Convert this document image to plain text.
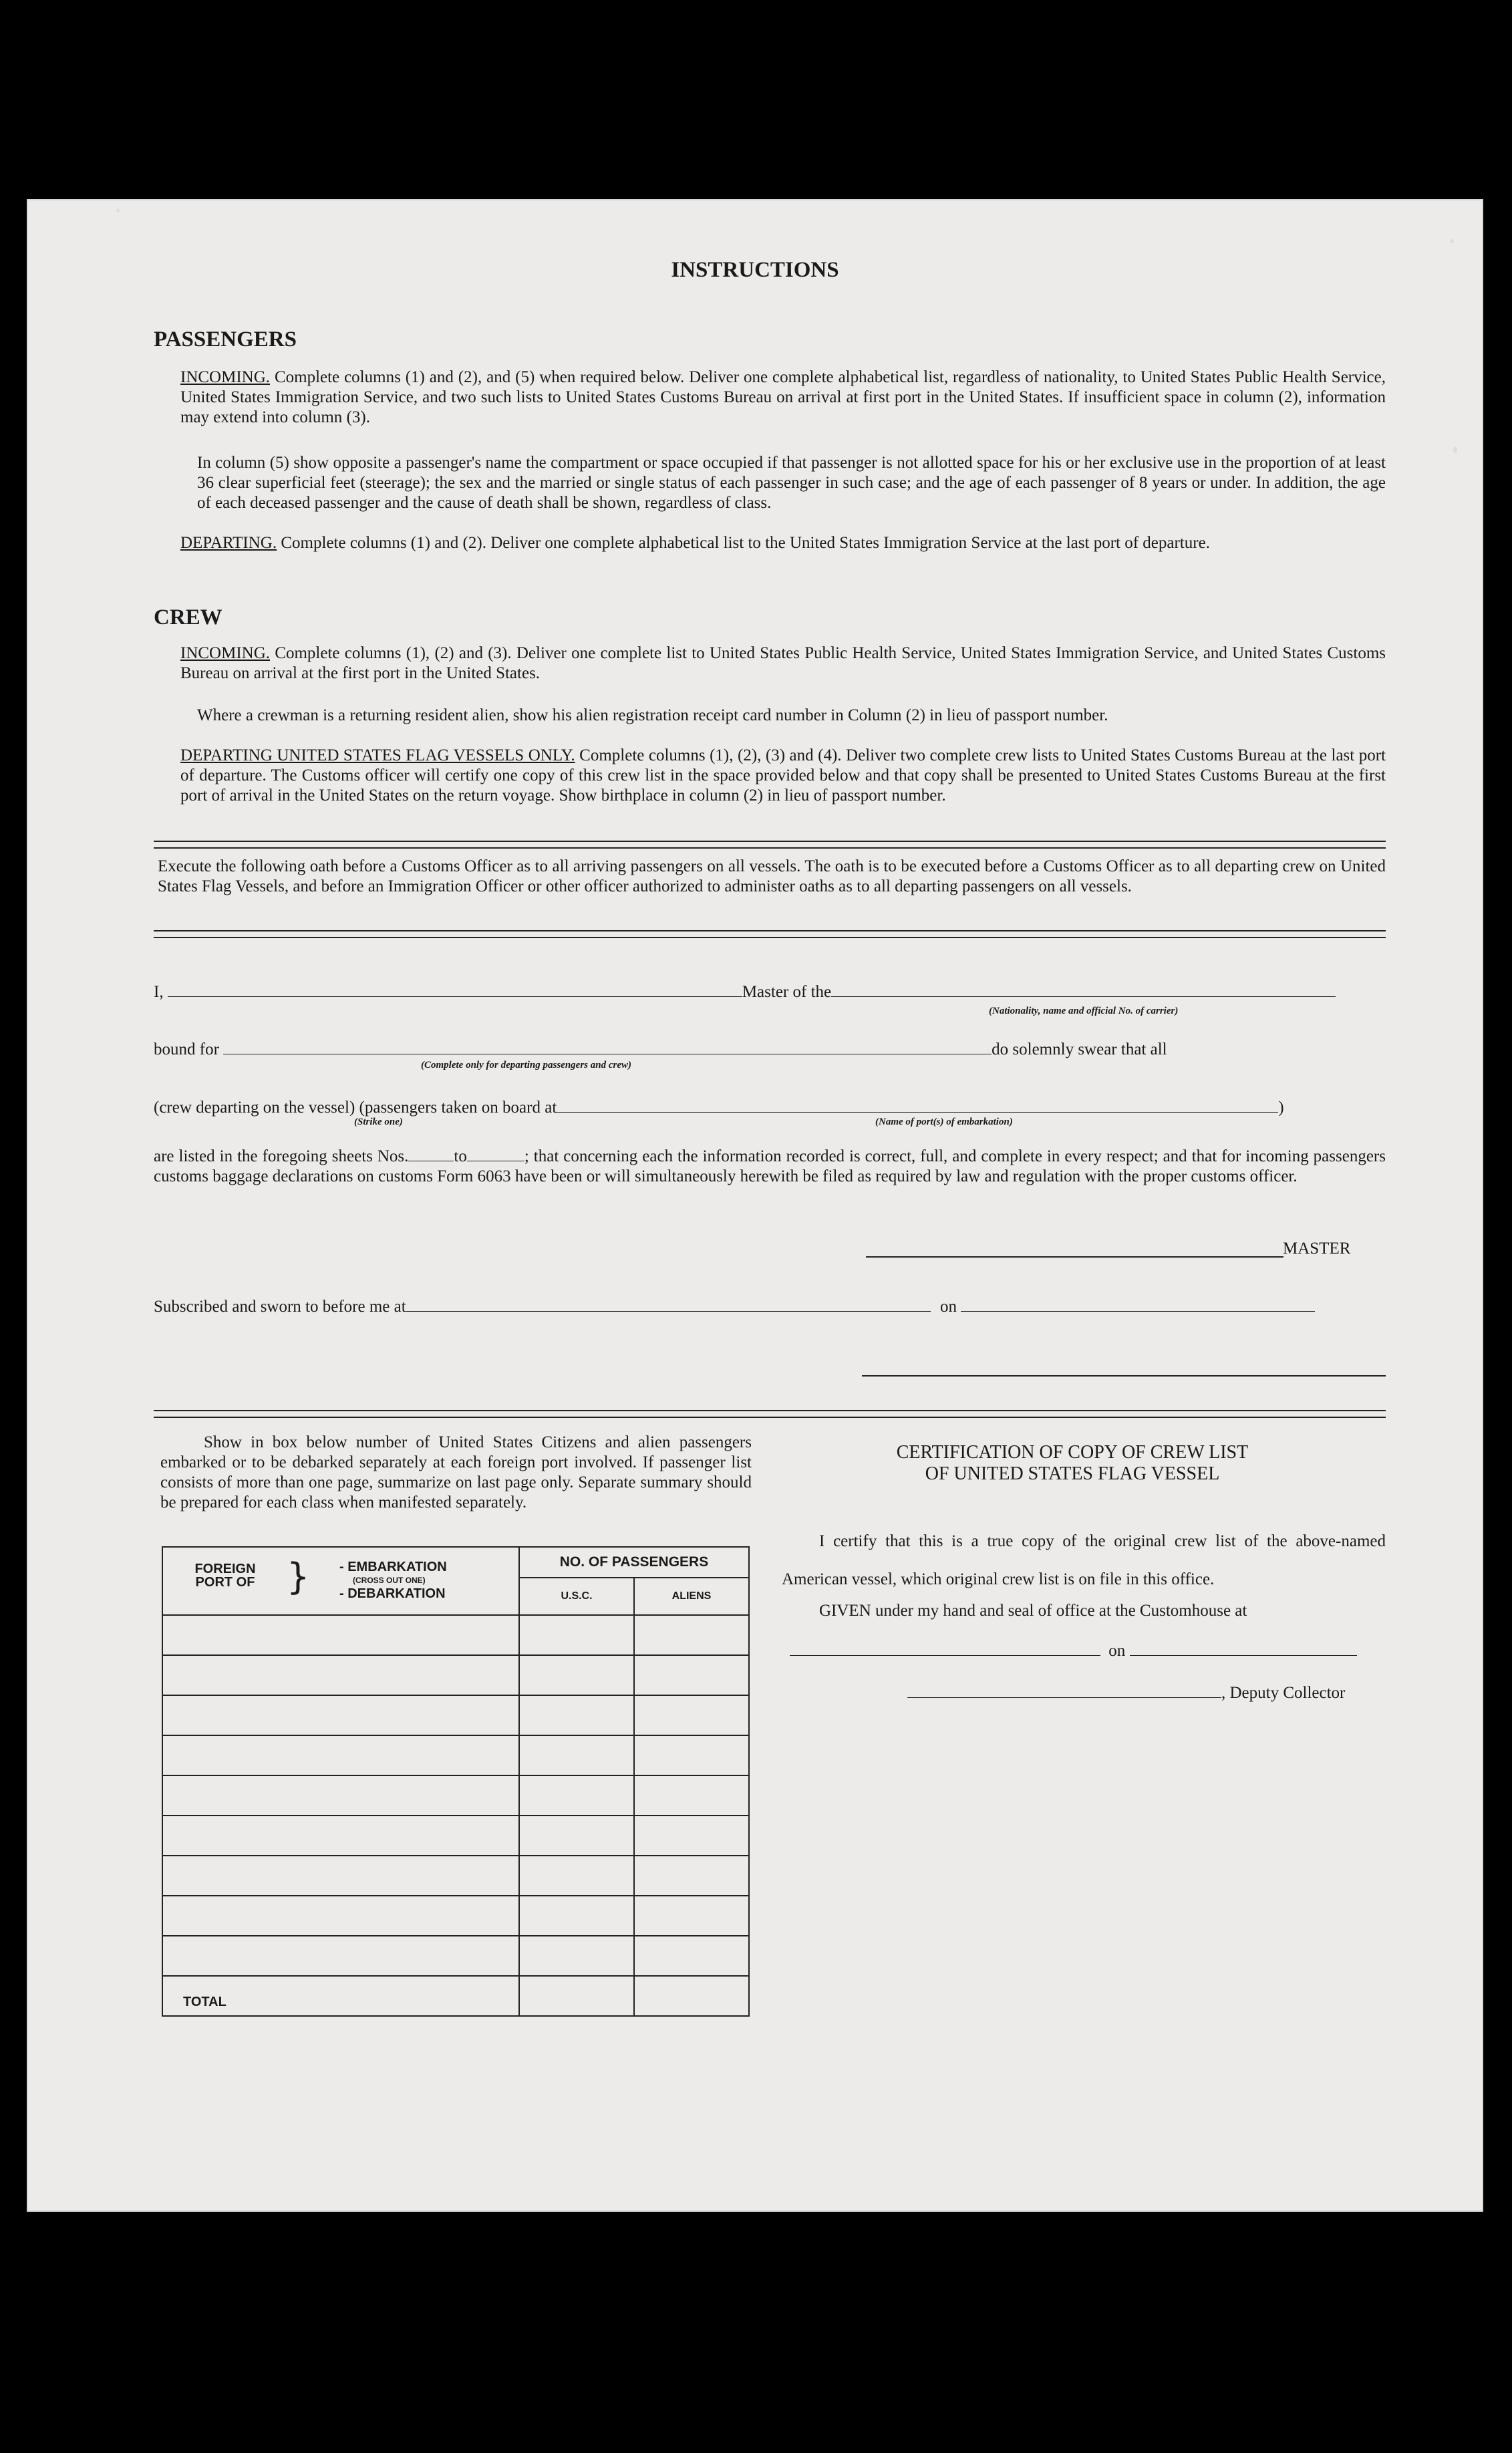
INSTRUCTIONS
PASSENGERS
INCOMING. Complete columns (1) and (2), and (5) when required below. Deliver one complete alphabetical list, regardless of nationality, to United States Public Health Service, United States Immigration Service, and two such lists to United States Customs Bureau on arrival at first port in the United States. If insufficient space in column (2), information may extend into column (3).
In column (5) show opposite a passenger's name the compartment or space occupied if that passenger is not allotted space for his or her exclusive use in the proportion of at least 36 clear superficial feet (steerage); the sex and the married or single status of each passenger in such case; and the age of each passenger of 8 years or under. In addition, the age of each deceased passenger and the cause of death shall be shown, regardless of class.
DEPARTING. Complete columns (1) and (2). Deliver one complete alphabetical list to the United States Immigration Service at the last port of departure.
CREW
INCOMING. Complete columns (1), (2) and (3). Deliver one complete list to United States Public Health Service, United States Immigration Service, and United States Customs Bureau on arrival at the first port in the United States.
Where a crewman is a returning resident alien, show his alien registration receipt card number in Column (2) in lieu of passport number.
DEPARTING UNITED STATES FLAG VESSELS ONLY. Complete columns (1), (2), (3) and (4). Deliver two complete crew lists to United States Customs Bureau at the last port of departure. The Customs officer will certify one copy of this crew list in the space provided below and that copy shall be presented to United States Customs Bureau at the first port of arrival in the United States on the return voyage. Show birthplace in column (2) in lieu of passport number.
Execute the following oath before a Customs Officer as to all arriving passengers on all vessels. The oath is to be executed before a Customs Officer as to all departing crew on United States Flag Vessels, and before an Immigration Officer or other officer authorized to administer oaths as to all departing passengers on all vessels.
I,	Master of the
(Nationality, name and official No. of carrier)
bound for	do solemnly swear that all
(Complete only for departing passengers and crew)
(crew departing on the vessel) (passengers taken on board at	)
(Strike one)	(Name of port(s) of embarkation)
are listed in the foregoing sheets Nos.	to	; that concerning each the information recorded is correct, full, and complete in every respect; and that for incoming passengers customs baggage declarations on customs Form 6063 have been or will simultaneously herewith be filed as required by law and regulation with the proper customs officer.
MASTER
Subscribed and sworn to before me at	on
Show in box below number of United States Citizens and alien passengers embarked or to be debarked separately at each foreign port involved. If passenger list consists of more than one page, summarize on last page only. Separate summary should be prepared for each class when manifested separately.
FOREIGN PORT OF } - EMBARKATION
(CROSS OUT ONE)
- DEBARKATION	NO. OF PASSENGERS	
	U.S.C.	ALIENS

TOTAL		
CERTIFICATION OF COPY OF CREW LIST
OF UNITED STATES FLAG VESSEL
I certify that this is a true copy of the original crew list of the above-named American vessel, which original crew list is on file in this office.
GIVEN under my hand and seal of office at the Customhouse at
on
, Deputy Collector
